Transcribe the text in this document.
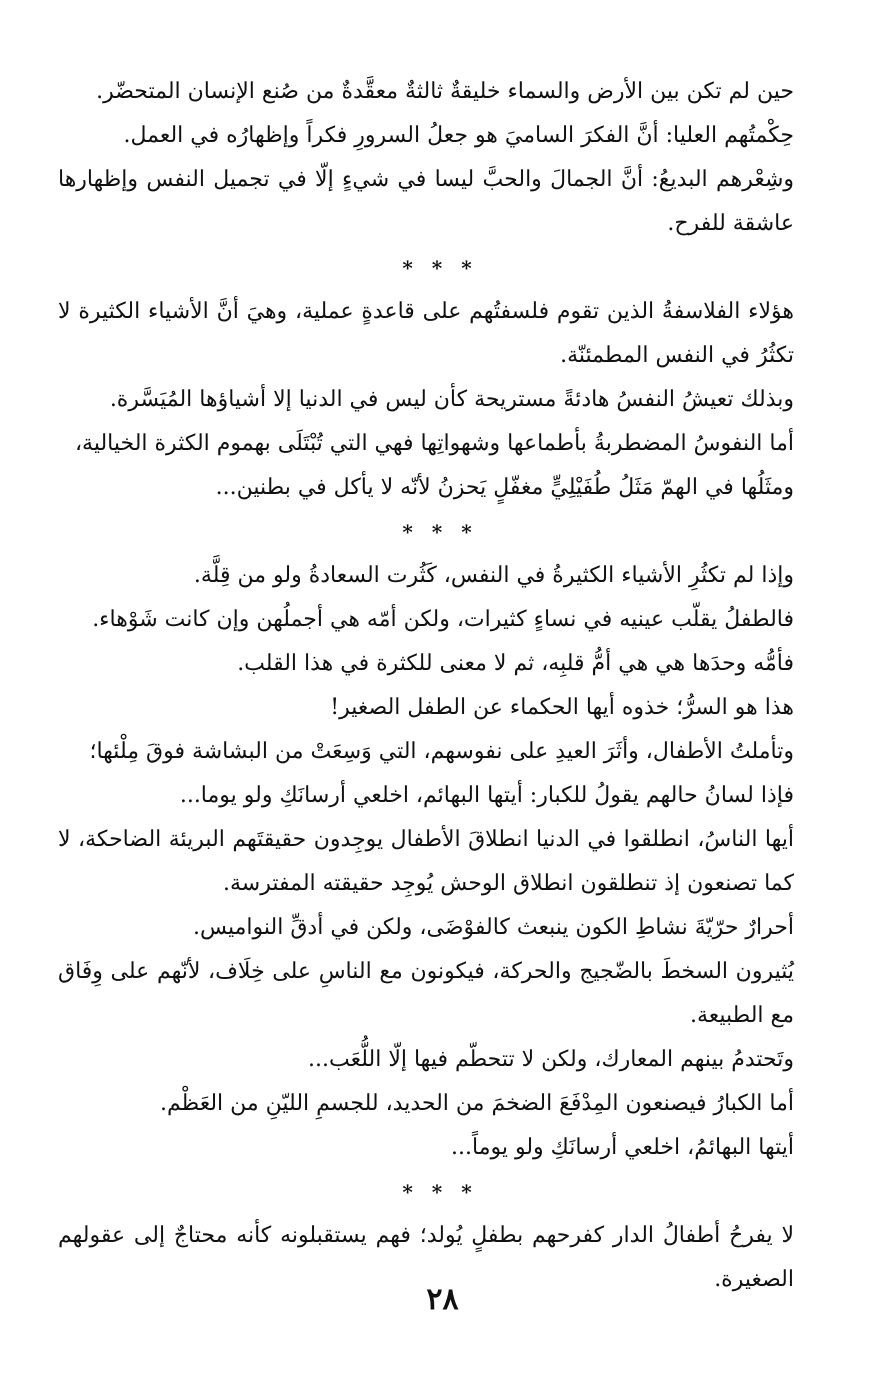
حين لم تكن بين الأرض والسماء خليقةٌ ثالثةٌ معقَّدةٌ من صُنع الإنسان المتحضّر.

حِكْمتُهم العليا: أنَّ الفكرَ الساميَ هو جعلُ السرورِ فكراً وإظهارُه في العمل.

وشِعْرهم البديعُ: أنَّ الجمالَ والحبَّ ليسا في شيءٍ إلّا في تجميل النفس وإظهارها عاشقة للفرح.

* * *

هؤلاء الفلاسفةُ الذين تقوم فلسفتُهم على قاعدةٍ عملية، وهيَ أنَّ الأشياء الكثيرة لا تكثُرُ في النفس المطمئنّة.

وبذلك تعيشُ النفسُ هادئةً مستريحة كأن ليس في الدنيا إلا أشياؤها المُيَسَّرة.

أما النفوسُ المضطربةُ بأطماعها وشهواتِها فهي التي تُبْتَلَى بهموم الكثرة الخيالية،

ومثَلُها في الهمّ مَثَلُ طُفَيْلِيٍّ مغفّلٍ يَحزنُ لأنّه لا يأكل في بطنين...

* * *

وإذا لم تكثُرِ الأشياء الكثيرةُ في النفس، كَثُرت السعادةُ ولو من قِلَّة.

فالطفلُ يقلّب عينيه في نساءٍ كثيرات، ولكن أمّه هي أجملُهن وإن كانت شَوْهاء.

فأمُّه وحدَها هي هي أمُّ قلبِه، ثم لا معنى للكثرة في هذا القلب.

هذا هو السرُّ؛ خذوه أيها الحكماء عن الطفل الصغير!

وتأملتُ الأطفال، وأثَرَ العيدِ على نفوسهم، التي وَسِعَتْ من البشاشة فوقَ مِلْئها؛

فإذا لسانُ حالهم يقولُ للكبار: أيتها البهائم، اخلعي أرسانَكِ ولو يوما...

أيها الناسُ، انطلقوا في الدنيا انطلاقَ الأطفال يوجِدون حقيقتَهم البريئة الضاحكة، لا كما تصنعون إذ تنطلقون انطلاق الوحش يُوجِد حقيقته المفترسة.

أحرارٌ حرّيّةَ نشاطِ الكون ينبعث كالفوْضَى، ولكن في أدقِّ النواميس.

يُثيرون السخطَ بالضّجيج والحركة، فيكونون مع الناسِ على خِلَاف، لأنّهم على وِفَاق مع الطبيعة.

وتَحتدمُ بينهم المعارك، ولكن لا تتحطّم فيها إلّا اللُّعَب...

أما الكبارُ فيصنعون المِدْفَعَ الضخمَ من الحديد، للجسمِ الليّنِ من العَظْم.

أيتها البهائمُ، اخلعي أرسانَكِ ولو يوماً...

* * *

لا يفرحُ أطفالُ الدار كفرحهم بطفلٍ يُولد؛ فهم يستقبلونه كأنه محتاجٌ إلى عقولهم الصغيرة.

٢٨
